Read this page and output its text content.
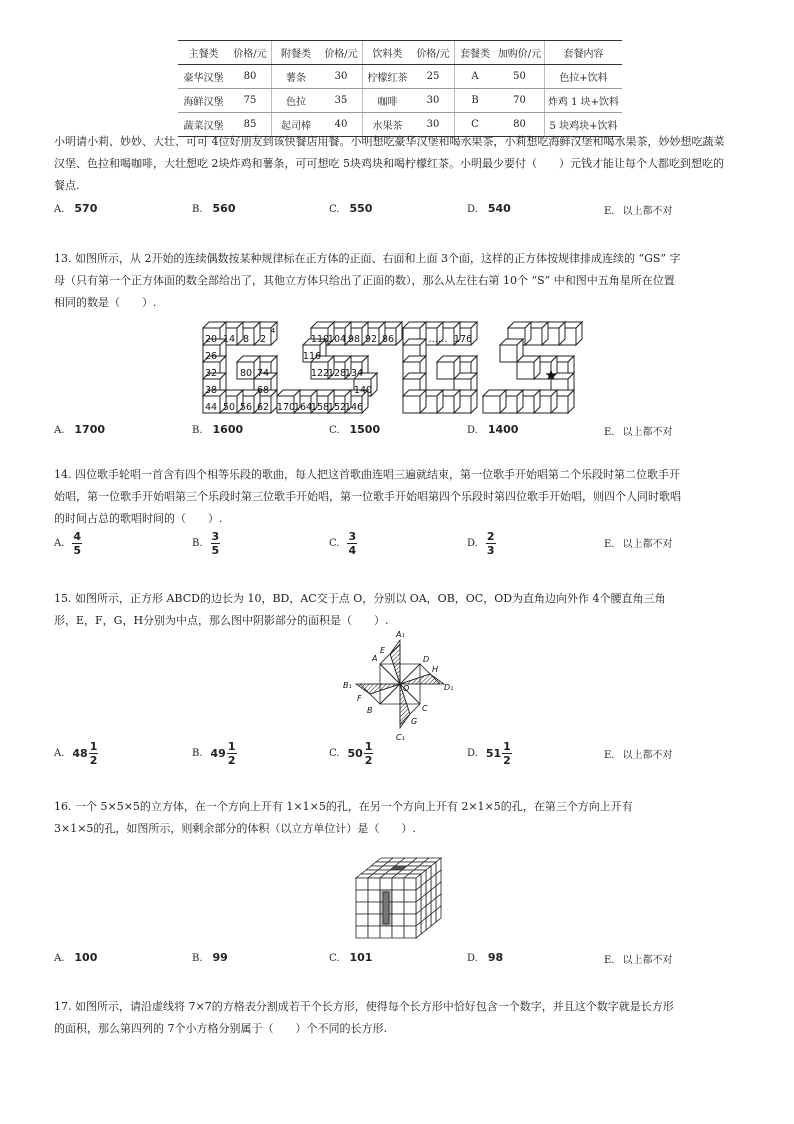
主餐类	价格/元	附餐类	价格/元	饮料类	价格/元	套餐类	加购价/元	套餐内容
豪华汉堡	80	薯条	30	柠檬红茶	25	A	50	色拉+饮料
海鲜汉堡	75	色拉	35	咖啡	30	B	70	炸鸡 1 块+饮料
蔬菜汉堡	85	起司棒	40	水果茶	30	C	80	5 块鸡块+饮料
小明请小莉、妙妙、大壮、可可 4位好朋友到该快餐店用餐。小明想吃豪华汉堡和喝水果茶，小莉想吃海鲜汉堡和喝水果茶，妙妙想吃蔬菜
汉堡、色拉和喝咖啡，大壮想吃 2块炸鸡和薯条，可可想吃 5块鸡块和喝柠檬红茶。小明最少要付（　　）元钱才能让每个人都吃到想吃的
餐点.
A. 570	B. 560	C. 550	D. 540	E. 以上都不对
13. 如图所示，从 2开始的连续偶数按某种规律标在正方体的正面、右面和上面 3个面，这样的正方体按规律排成连续的 “GS” 字
母（只有第一个正方体面的数全部给出了，其他立方体只给出了正面的数），那么从左往右第 10个 “S” 中和图中五角星所在位置
相同的数是（　　）.
20 14 8 2
4
26
32
38
44
80 74
68
50 56 62
110
104 98 92 86
116
122
128
134
140
170
164
158
152
146
…… 176
★
A. 1700	B. 1600	C. 1500	D. 1400	E. 以上都不对
14. 四位歌手轮唱一首含有四个相等乐段的歌曲，每人把这首歌曲连唱三遍就结束，第一位歌手开始唱第二个乐段时第二位歌手开
始唱，第一位歌手开始唱第三个乐段时第三位歌手开始唱，第一位歌手开始唱第四个乐段时第四位歌手开始唱，则四个人同时歌唱
的时间占总的歌唱时间的（　　）.
A. $\frac{4}{5}$	B. $\frac{3}{5}$	C. $\frac{3}{4}$	D. $\frac{2}{3}$	E. 以上都不对
15. 如图所示，正方形 ABCD的边长为 10，BD，AC交于点 O，分别以 OA，OB，OC，OD为直角边向外作 4个腰直角三角
形，E，F，G，H分别为中点，那么图中阴影部分的面积是（　　）.
A₁
A
E
D
H
D₁
B₁	O
F
B	C
G
C₁
A. $48 \frac{1}{2}$	B. $49 \frac{1}{2}$	C. $50 \frac{1}{2}$	D. $51 \frac{1}{2}$	E. 以上都不对
16. 一个 5×5×5的立方体，在一个方向上开有 1×1×5的孔，在另一个方向上开有 2×1×5的孔，在第三个方向上开有
3×1×5的孔，如图所示，则剩余部分的体积（以立方单位计）是（　　）.
A. 100	B. 99	C. 101	D. 98	E. 以上都不对
17. 如图所示，请沿虚线将 7×7的方格表分割成若干个长方形，使得每个长方形中恰好包含一个数字，并且这个数字就是长方形
的面积，那么第四列的 7个小方格分别属于（　　）个不同的长方形.
